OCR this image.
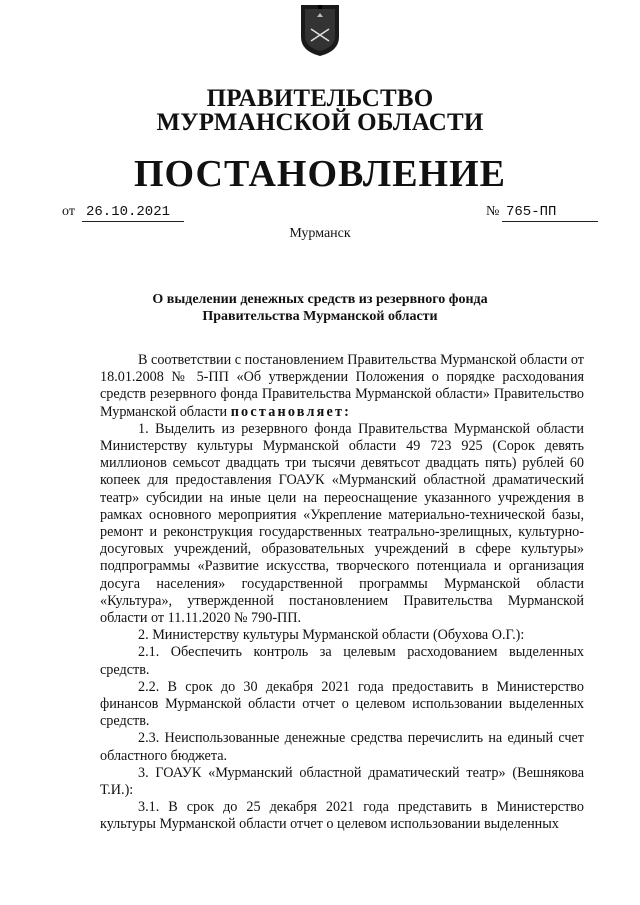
ПРАВИТЕЛЬСТВО
МУРМАНСКОЙ ОБЛАСТИ
ПОСТАНОВЛЕНИЕ
от 26.10.2021	№ 765-ПП
Мурманск
О выделении денежных средств из резервного фонда
Правительства Мурманской области

В соответствии с постановлением Правительства Мурманской области от 18.01.2008 № 5-ПП «Об утверждении Положения о порядке расходования средств резервного фонда Правительства Мурманской области» Правительство Мурманской области постановляет:

1. Выделить из резервного фонда Правительства Мурманской области Министерству культуры Мурманской области 49 723 925 (Сорок девять миллионов семьсот двадцать три тысячи девятьсот двадцать пять) рублей 60 копеек для предоставления ГОАУК «Мурманский областной драматический театр» субсидии на иные цели на переоснащение указанного учреждения в рамках основного мероприятия «Укрепление материально-технической базы, ремонт и реконструкция государственных театрально-зрелищных, культурно-досуговых учреждений, образовательных учреждений в сфере культуры» подпрограммы «Развитие искусства, творческого потенциала и организация досуга населения» государственной программы Мурманской области «Культура», утвержденной постановлением Правительства Мурманской области от 11.11.2020 № 790-ПП.

2. Министерству культуры Мурманской области (Обухова О.Г.):

2.1. Обеспечить контроль за целевым расходованием выделенных средств.

2.2. В срок до 30 декабря 2021 года предоставить в Министерство финансов Мурманской области отчет о целевом использовании выделенных средств.

2.3. Неиспользованные денежные средства перечислить на единый счет областного бюджета.

3. ГОАУК «Мурманский областной драматический театр» (Вешнякова Т.И.):

3.1. В срок до 25 декабря 2021 года представить в Министерство культуры Мурманской области отчет о целевом использовании выделенных
